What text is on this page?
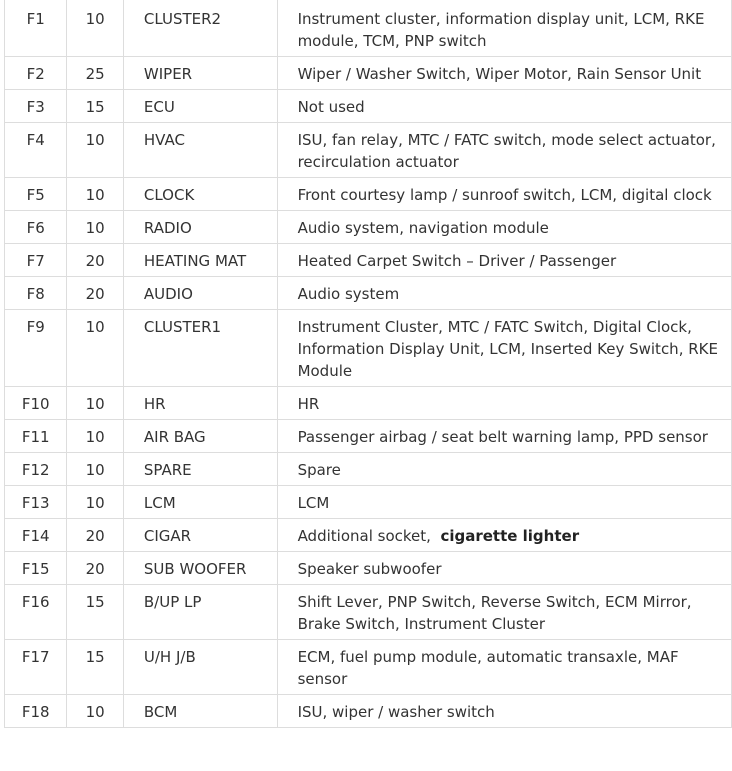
F1	10	CLUSTER2	Instrument cluster, information display unit, LCM, RKE module, TCM, PNP switch
F2	25	WIPER	Wiper / Washer Switch, Wiper Motor, Rain Sensor Unit
F3	15	ECU	Not used
F4	10	HVAC	ISU, fan relay, MTC / FATC switch, mode select actuator, recirculation actuator
F5	10	CLOCK	Front courtesy lamp / sunroof switch, LCM, digital clock
F6	10	RADIO	Audio system, navigation module
F7	20	HEATING MAT	Heated Carpet Switch – Driver / Passenger
F8	20	AUDIO	Audio system
F9	10	CLUSTER1	Instrument Cluster, MTC / FATC Switch, Digital Clock, Information Display Unit, LCM, Inserted Key Switch, RKE Module
F10	10	HR	HR
F11	10	AIR BAG	Passenger airbag / seat belt warning lamp, PPD sensor
F12	10	SPARE	Spare
F13	10	LCM	LCM
F14	20	CIGAR	Additional socket, cigarette lighter
F15	20	SUB WOOFER	Speaker subwoofer
F16	15	B/UP LP	Shift Lever, PNP Switch, Reverse Switch, ECM Mirror, Brake Switch, Instrument Cluster
F17	15	U/H J/B	ECM, fuel pump module, automatic transaxle, MAF sensor
F18	10	BCM	ISU, wiper / washer switch
